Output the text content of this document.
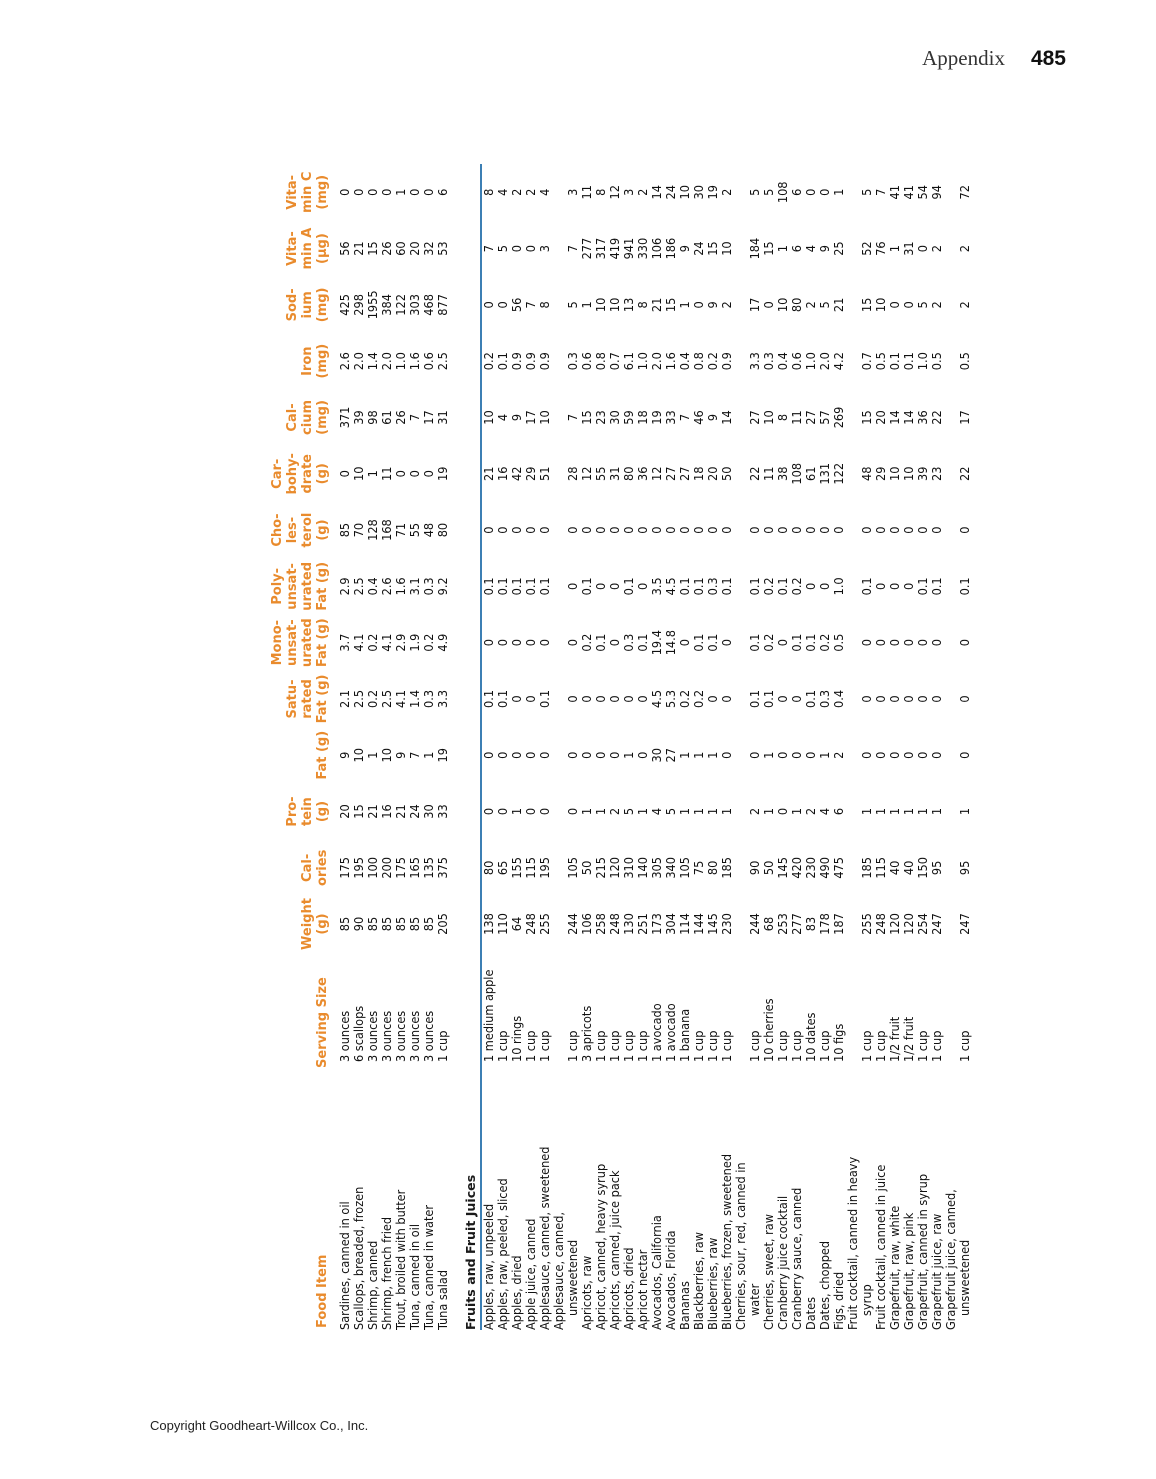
Appendix 485
Food Item	Serving Size	Weight (g)	Cal-ories	Pro-tein (g)	Fat (g)	Satu-rated Fat (g)	Mono-unsat-urated Fat (g)	Poly-unsat-urated Fat (g)	Cho-les-terol (g)	Car-bohy-drate (g)	Cal-cium (mg)	Iron (mg)	Sod-ium (mg)	Vita-min A (μg)	Vita-min C (mg)
Sardines, canned in oil	3 ounces	85	175	20	9	2.1	3.7	2.9	85	0	371	2.6	425	56	0
Scallops, breaded, frozen	6 scallops	90	195	15	10	2.5	4.1	2.5	70	10	39	2.0	298	21	0
Shrimp, canned	3 ounces	85	100	21	1	0.2	0.2	0.4	128	1	98	1.4	1955	15	0
Shrimp, french fried	3 ounces	85	200	16	10	2.5	4.1	2.6	168	11	61	2.0	384	26	0
Trout, broiled with butter	3 ounces	85	175	21	9	4.1	2.9	1.6	71	0	26	1.0	122	60	1
Tuna, canned in oil	3 ounces	85	165	24	7	1.4	1.9	3.1	55	0	7	1.6	303	20	0
Tuna, canned in water	3 ounces	85	135	30	1	0.3	0.2	0.3	48	0	17	0.6	468	32	0
Tuna salad	1 cup	205	375	33	19	3.3	4.9	9.2	80	19	31	2.5	877	53	6

Fruits and Fruit Juices															
Apples, raw, unpeeled	1 medium apple	138	80	0	0	0.1	0	0.1	0	21	10	0.2	0	7	8
Apples, raw, peeled, sliced	1 cup	110	65	0	0	0.1	0	0.1	0	16	4	0.1	0	5	4
Apples, dried	10 rings	64	155	1	0	0	0	0.1	0	42	9	0.9	56	0	2
Apple juice, canned	1 cup	248	115	0	0	0	0	0.1	0	29	17	0.9	7	0	2
Applesauce, canned, sweetened	1 cup	255	195	0	0	0.1	0	0.1	0	51	10	0.9	8	3	4
Applesauce, canned,															
unsweetened	1 cup	244	105	0	0	0	0	0	0	28	7	0.3	5	7	3
Apricots, raw	3 apricots	106	50	1	0	0	0.2	0.1	0	12	15	0.6	1	277	11
Apricot, canned, heavy syrup	1 cup	258	215	1	0	0	0.1	0	0	55	23	0.8	10	317	8
Apricots, canned, juice pack	1 cup	248	120	2	0	0	0	0	0	31	30	0.7	10	419	12
Apricots, dried	1 cup	130	310	5	1	0	0.3	0.1	0	80	59	6.1	13	941	3
Apricot nectar	1 cup	251	140	1	0	0	0.1	0	0	36	18	1.0	8	330	2
Avocados, California	1 avocado	173	305	4	30	4.5	19.4	3.5	0	12	19	2.0	21	106	14
Avocados, Florida	1 avocado	304	340	5	27	5.3	14.8	4.5	0	27	33	1.6	15	186	24
Bananas	1 banana	114	105	1	1	0.2	0	0.1	0	27	7	0.4	1	9	10
Blackberries, raw	1 cup	144	75	1	1	0.2	0.1	0.1	0	18	46	0.8	0	24	30
Blueberries, raw	1 cup	145	80	1	1	0	0.1	0.3	0	20	9	0.2	9	15	19
Blueberries, frozen, sweetened	1 cup	230	185	1	0	0	0	0.1	0	50	14	0.9	2	10	2
Cherries, sour, red, canned in															
water	1 cup	244	90	2	0	0.1	0.1	0.1	0	22	27	3.3	17	184	5
Cherries, sweet, raw	10 cherries	68	50	1	1	0.1	0.2	0.2	0	11	10	0.3	0	15	5
Cranberry juice cocktail	1 cup	253	145	0	0	0	0	0.1	0	38	8	0.4	10	1	108
Cranberry sauce, canned	1 cup	277	420	1	0	0	0.1	0.2	0	108	11	0.6	80	6	6
Dates	10 dates	83	230	2	0	0.1	0.1	0	0	61	27	1.0	2	4	0
Dates, chopped	1 cup	178	490	4	1	0.3	0.2	0	0	131	57	2.0	5	9	0
Figs, dried	10 figs	187	475	6	2	0.4	0.5	1.0	0	122	269	4.2	21	25	1
Fruit cocktail, canned in heavy															
syrup	1 cup	255	185	1	0	0	0	0.1	0	48	15	0.7	15	52	5
Fruit cocktail, canned in juice	1 cup	248	115	1	0	0	0	0	0	29	20	0.5	10	76	7
Grapefruit, raw, white	1/2 fruit	120	40	1	0	0	0	0	0	10	14	0.1	0	1	41
Grapefruit, raw, pink	1/2 fruit	120	40	1	0	0	0	0	0	10	14	0.1	0	31	41
Grapefruit, canned in syrup	1 cup	254	150	1	0	0	0	0.1	0	39	36	1.0	5	0	54
Grapefruit juice, raw	1 cup	247	95	1	0	0	0	0.1	0	23	22	0.5	2	2	94
Grapefruit juice, canned,															
unsweetened	1 cup	247	95	1	0	0	0	0.1	0	22	17	0.5	2	2	72
Copyright Goodheart-Willcox Co., Inc.
